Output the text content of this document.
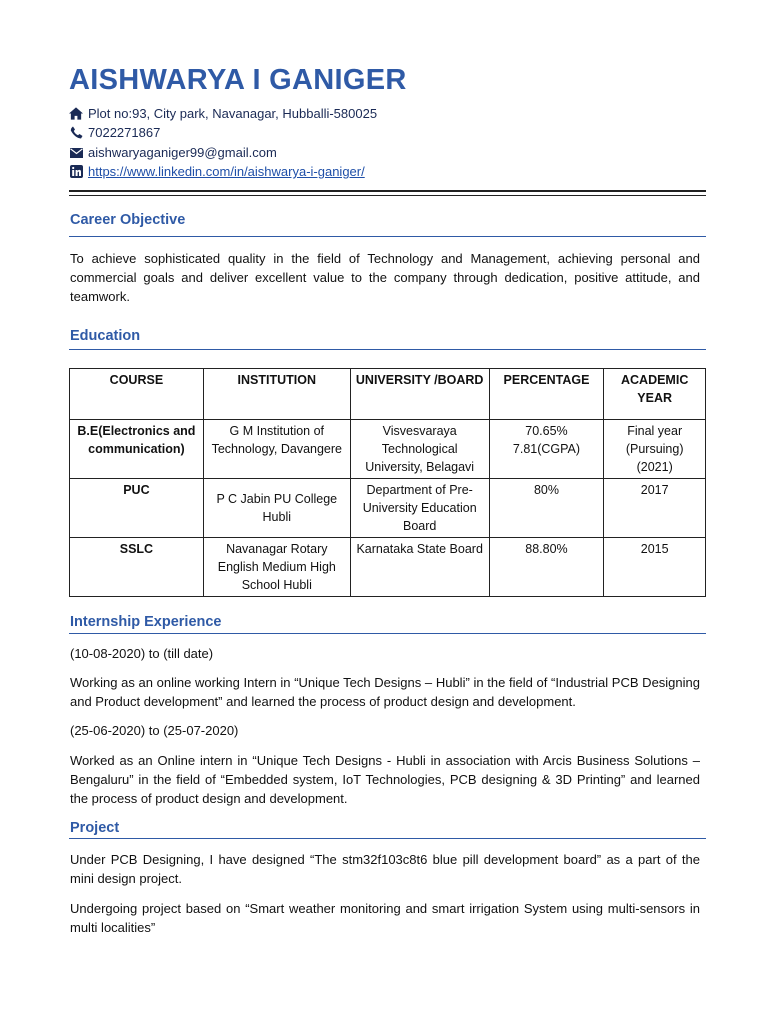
AISHWARYA I GANIGER
Plot no:93, City park, Navanagar, Hubballi-580025
7022271867
aishwaryaganiger99@gmail.com
https://www.linkedin.com/in/aishwarya-i-ganiger/
Career Objective
To achieve sophisticated quality in the field of Technology and Management, achieving personal and commercial goals and deliver excellent value to the company through dedication, positive attitude, and teamwork.
Education
COURSE	INSTITUTION	UNIVERSITY /BOARD	PERCENTAGE	ACADEMIC YEAR
B.E(Electronics and communication)	G M Institution of Technology, Davangere	Visvesvaraya Technological University, Belagavi	70.65% 7.81(CGPA)	Final year (Pursuing) (2021)
PUC	P C Jabin PU College Hubli	Department of Pre-University Education Board	80%	2017
SSLC	Navanagar Rotary English Medium High School Hubli	Karnataka State Board	88.80%	2015
Internship Experience
(10-08-2020) to (till date)
Working as an online working Intern in “Unique Tech Designs – Hubli” in the field of “Industrial PCB Designing and Product development” and learned the process of product design and development.
(25-06-2020) to (25-07-2020)
Worked as an Online intern in “Unique Tech Designs - Hubli in association with Arcis Business Solutions – Bengaluru” in the field of “Embedded system, IoT Technologies, PCB designing & 3D Printing” and learned the process of product design and development.
Project
Under PCB Designing, I have designed “The stm32f103c8t6 blue pill development board” as a part of the mini design project.
Undergoing project based on “Smart weather monitoring and smart irrigation System using multi-sensors in multi localities”
